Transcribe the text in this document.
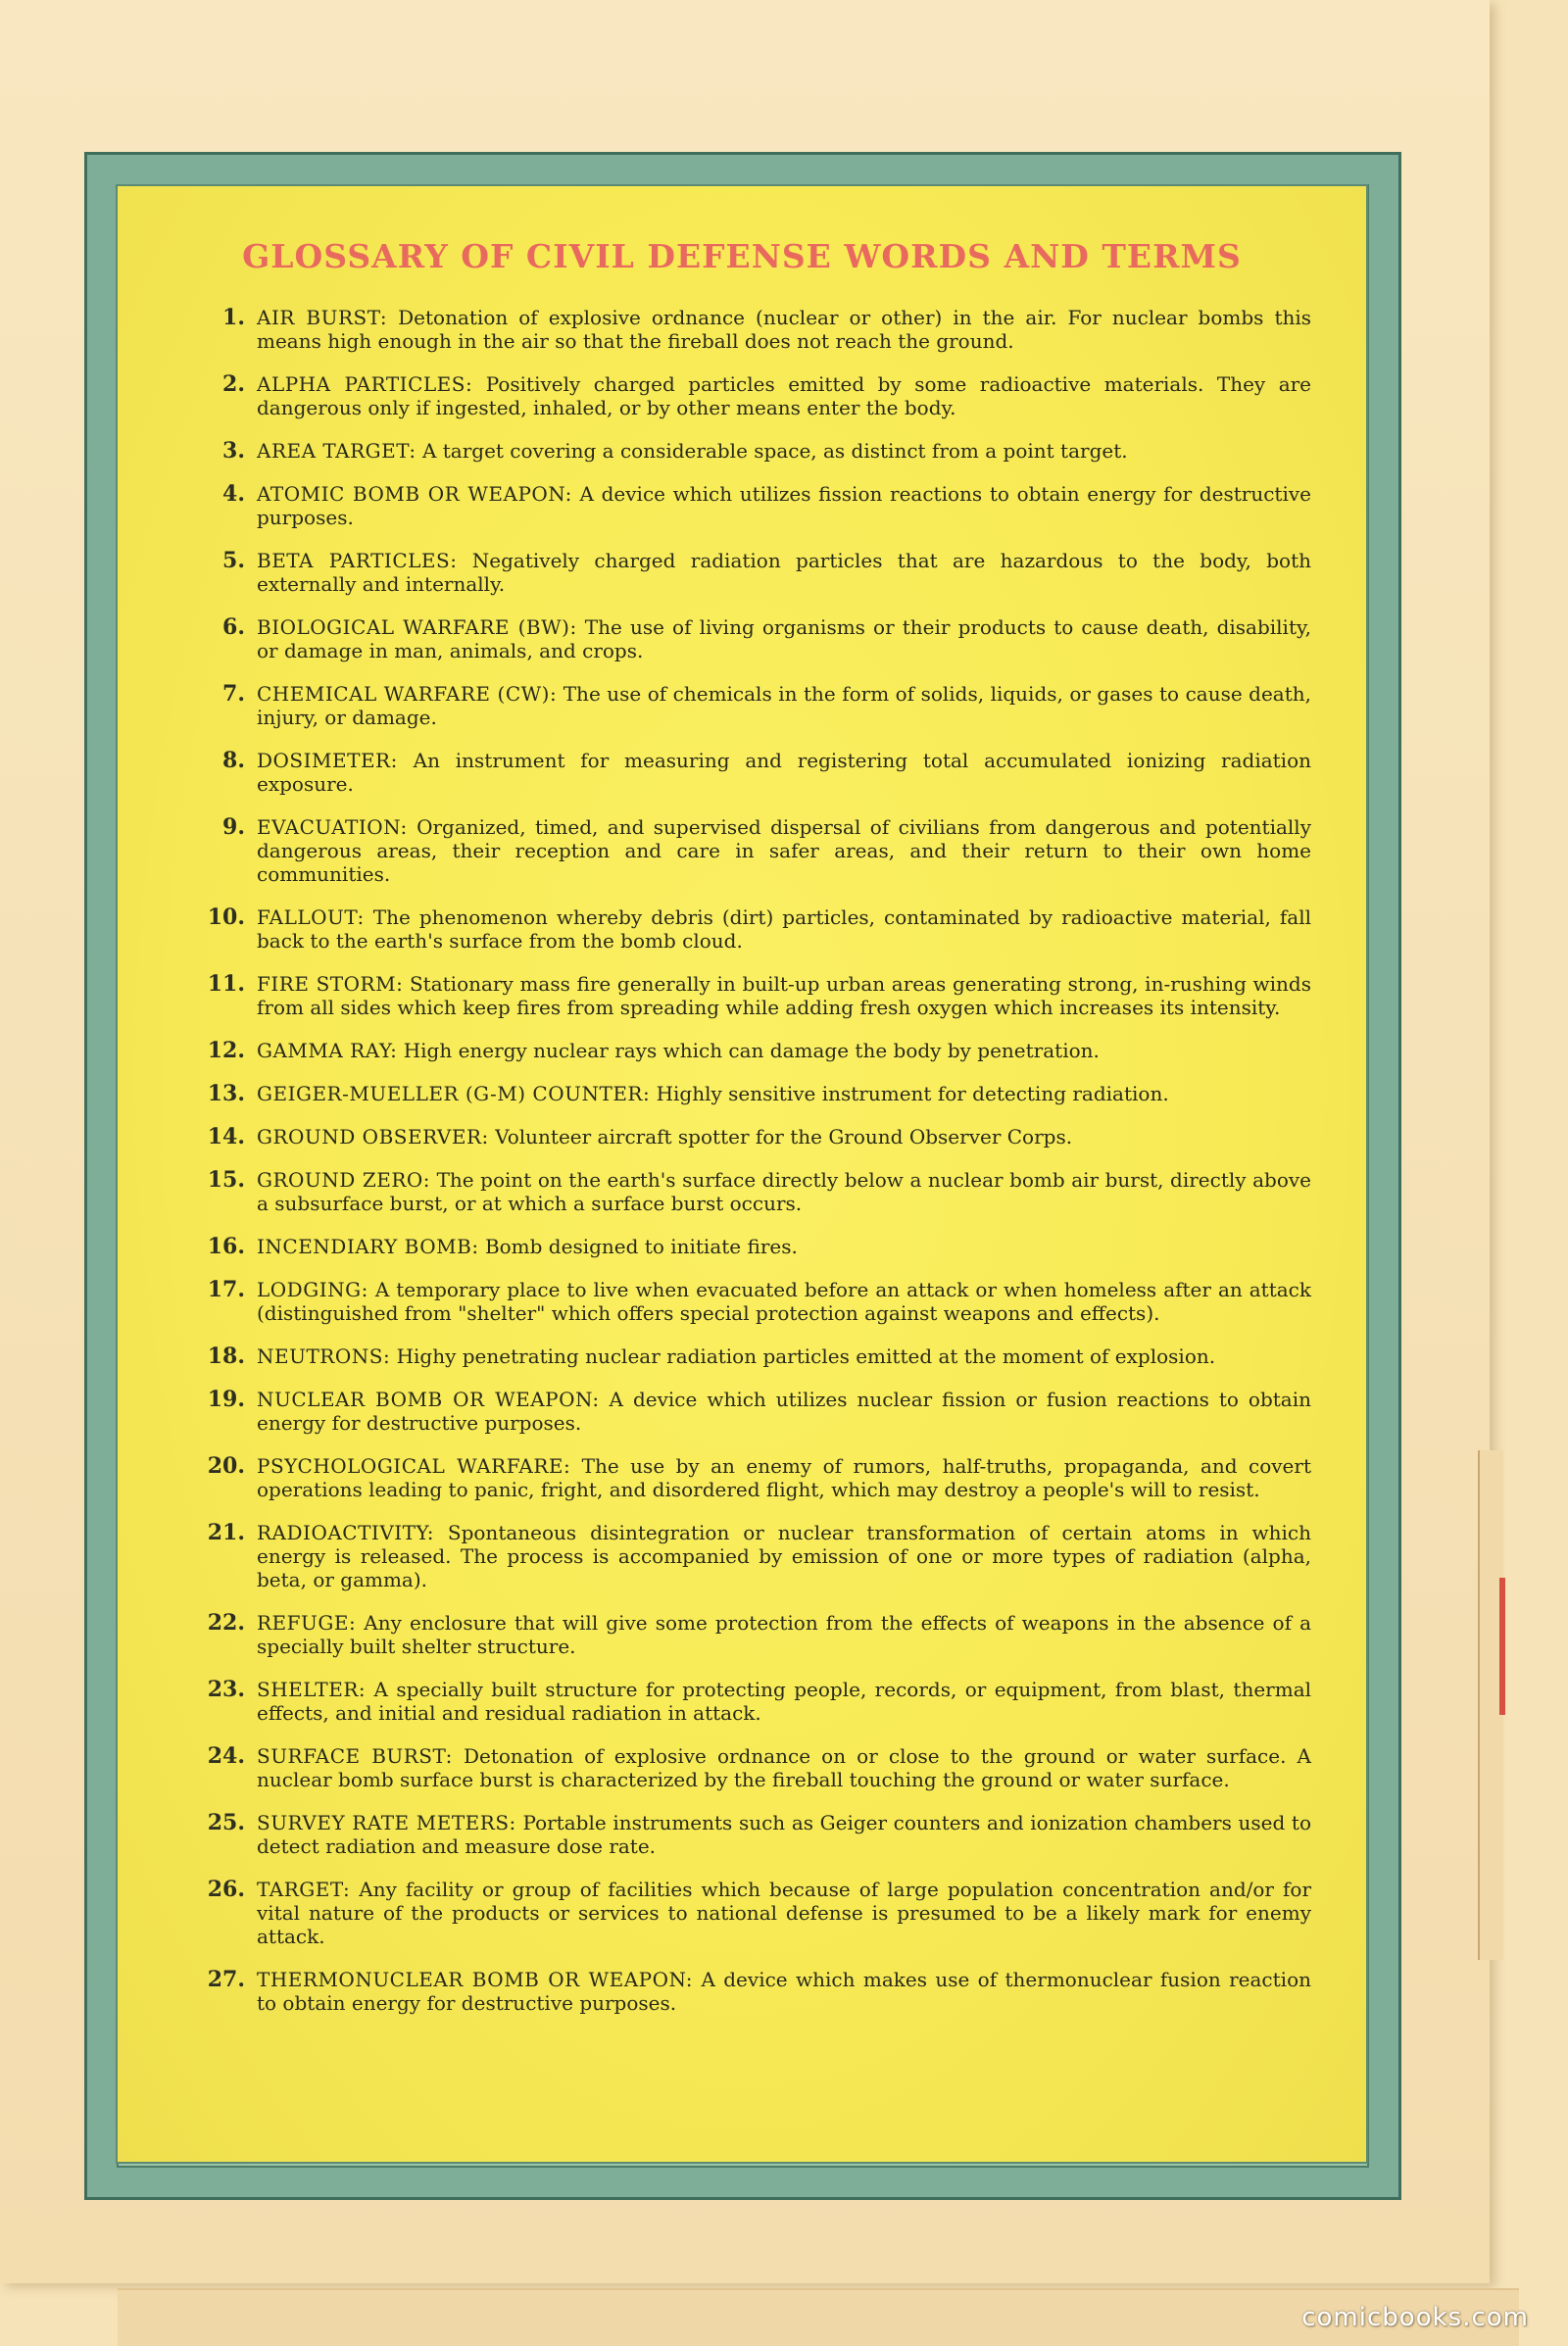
GLOSSARY OF CIVIL DEFENSE WORDS AND TERMS
1. AIR BURST: Detonation of explosive ordnance (nuclear or other) in the air. For nuclear bombs this means high enough in the air so that the fireball does not reach the ground.
2. ALPHA PARTICLES: Positively charged particles emitted by some radioactive materials. They are dangerous only if ingested, inhaled, or by other means enter the body.
3. AREA TARGET: A target covering a considerable space, as distinct from a point target.
4. ATOMIC BOMB OR WEAPON: A device which utilizes fission reactions to obtain energy for destructive purposes.
5. BETA PARTICLES: Negatively charged radiation particles that are hazardous to the body, both externally and internally.
6. BIOLOGICAL WARFARE (BW): The use of living organisms or their products to cause death, disability, or damage in man, animals, and crops.
7. CHEMICAL WARFARE (CW): The use of chemicals in the form of solids, liquids, or gases to cause death, injury, or damage.
8. DOSIMETER: An instrument for measuring and registering total accumulated ionizing radiation exposure.
9. EVACUATION: Organized, timed, and supervised dispersal of civilians from dangerous and potentially dangerous areas, their reception and care in safer areas, and their return to their own home communities.
10. FALLOUT: The phenomenon whereby debris (dirt) particles, contaminated by radioactive material, fall back to the earth's surface from the bomb cloud.
11. FIRE STORM: Stationary mass fire generally in built-up urban areas generating strong, in-rushing winds from all sides which keep fires from spreading while adding fresh oxygen which increases its intensity.
12. GAMMA RAY: High energy nuclear rays which can damage the body by penetration.
13. GEIGER-MUELLER (G-M) COUNTER: Highly sensitive instrument for detecting radiation.
14. GROUND OBSERVER: Volunteer aircraft spotter for the Ground Observer Corps.
15. GROUND ZERO: The point on the earth's surface directly below a nuclear bomb air burst, directly above a subsurface burst, or at which a surface burst occurs.
16. INCENDIARY BOMB: Bomb designed to initiate fires.
17. LODGING: A temporary place to live when evacuated before an attack or when homeless after an attack (distinguished from "shelter" which offers special protection against weapons and effects).
18. NEUTRONS: Highy penetrating nuclear radiation particles emitted at the moment of explosion.
19. NUCLEAR BOMB OR WEAPON: A device which utilizes nuclear fission or fusion reactions to obtain energy for destructive purposes.
20. PSYCHOLOGICAL WARFARE: The use by an enemy of rumors, half-truths, propaganda, and covert operations leading to panic, fright, and disordered flight, which may destroy a people's will to resist.
21. RADIOACTIVITY: Spontaneous disintegration or nuclear transformation of certain atoms in which energy is released. The process is accompanied by emission of one or more types of radiation (alpha, beta, or gamma).
22. REFUGE: Any enclosure that will give some protection from the effects of weapons in the absence of a specially built shelter structure.
23. SHELTER: A specially built structure for protecting people, records, or equipment, from blast, thermal effects, and initial and residual radiation in attack.
24. SURFACE BURST: Detonation of explosive ordnance on or close to the ground or water surface. A nuclear bomb surface burst is characterized by the fireball touching the ground or water surface.
25. SURVEY RATE METERS: Portable instruments such as Geiger counters and ionization chambers used to detect radiation and measure dose rate.
26. TARGET: Any facility or group of facilities which because of large population concentration and/or for vital nature of the products or services to national defense is presumed to be a likely mark for enemy attack.
27. THERMONUCLEAR BOMB OR WEAPON: A device which makes use of thermonuclear fusion reaction to obtain energy for destructive purposes.
comicbooks.com
